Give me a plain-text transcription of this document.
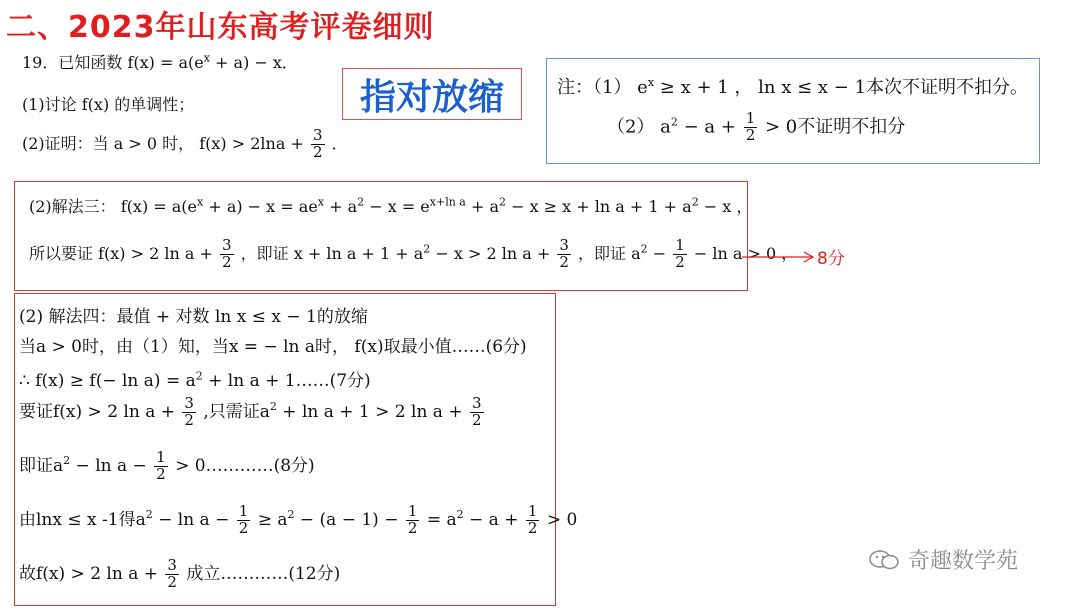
二、2023年山东高考评卷细则
19．已知函数 $f(x) = a(e^x + a) - x$．
(1)讨论 f(x) 的单调性；
(2)证明：当 a > 0 时， $f(x) > 2\ln a + \frac{3}{2}$ ．
指对放缩	注：（1） $e^x \ge x + 1$ ， ln x ≤ x − 1本次不证明不扣分。
（2） $a^2 - a + \frac{1}{2} > 0$不证明不扣分
(2)解法三： $f(x) = a(e^x + a) - x = ae^x + a^2 - x = e^{x+ln a} + a^2 - x \ge x + \ln a + 1 + a^2 - x$ ，
所以要证 f(x) > 2 $\ln a + \frac{3}{2}$ ，即证 $x + \ln a + 1 + a^2 - x > 2$ $\ln a + \frac{3}{2}$ ，即证 $a^2 - \frac{1}{2} - \ln a > 0$ ， 8分
(2) 解法四：最值 + 对数 ln x ≤ x − 1的放缩
当a > 0时，由（1）知，当x = − ln a时， f(x)取最小值……(6分)
∴ $f(x) \ge f(- \ln a) = a^2 + \ln a$ + 1……(7分)
要证f(x) > 2 $\ln a + \frac{3}{2}$ ,只需证$a^2 + \ln a + 1 > 2$ $\ln a + \frac{3}{2}$
即证$a^2 - \ln a - \frac{1}{2}$ > 0…………(8分)
由lnx ≤ x -1得$a^2 - \ln a - \frac{1}{2} \ge a^2 - (a - 1) - \frac{1}{2} = a^2 - a + \frac{1}{2} > 0$
故f(x) > 2 $\ln a + \frac{3}{2}$ 成立…………(12分)	奇趣数学苑
